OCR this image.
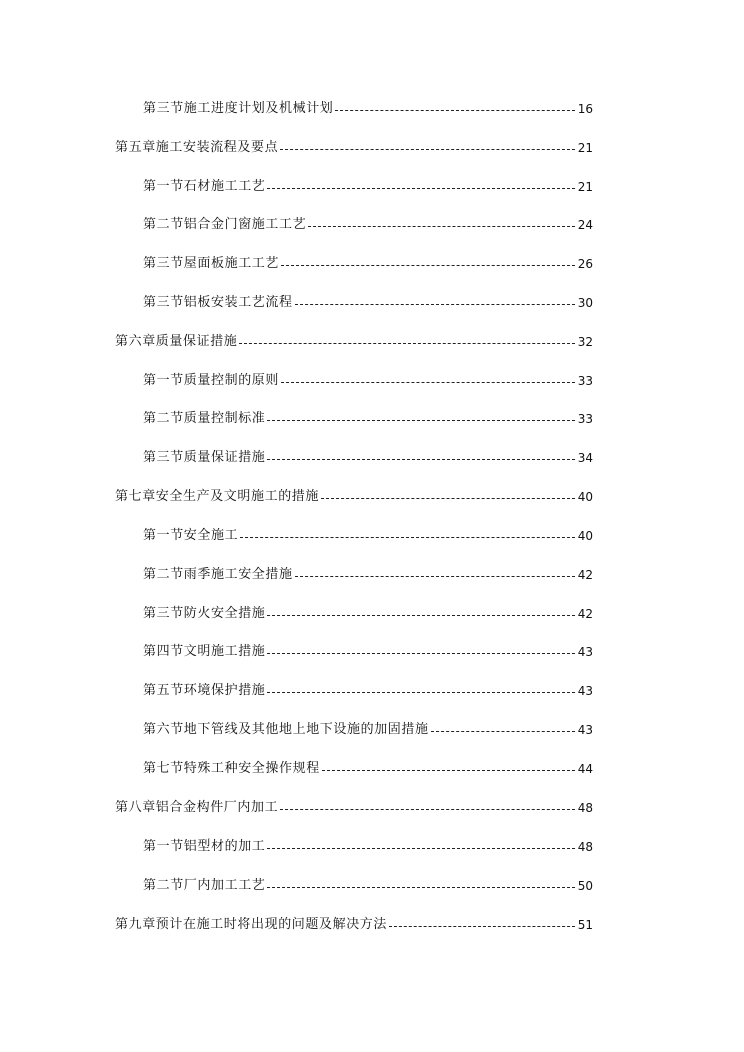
第三节施工进度计划及机械计划	16
第五章施工安装流程及要点	21
第一节石材施工工艺	21
第二节铝合金门窗施工工艺	24
第三节屋面板施工工艺	26
第三节铝板安装工艺流程	30
第六章质量保证措施	32
第一节质量控制的原则	33
第二节质量控制标准	33
第三节质量保证措施	34
第七章安全生产及文明施工的措施	40
第一节安全施工	40
第二节雨季施工安全措施	42
第三节防火安全措施	42
第四节文明施工措施	43
第五节环境保护措施	43
第六节地下管线及其他地上地下设施的加固措施	43
第七节特殊工种安全操作规程	44
第八章铝合金构件厂内加工	48
第一节铝型材的加工	48
第二节厂内加工工艺	50
第九章预计在施工时将出现的问题及解决方法	51
